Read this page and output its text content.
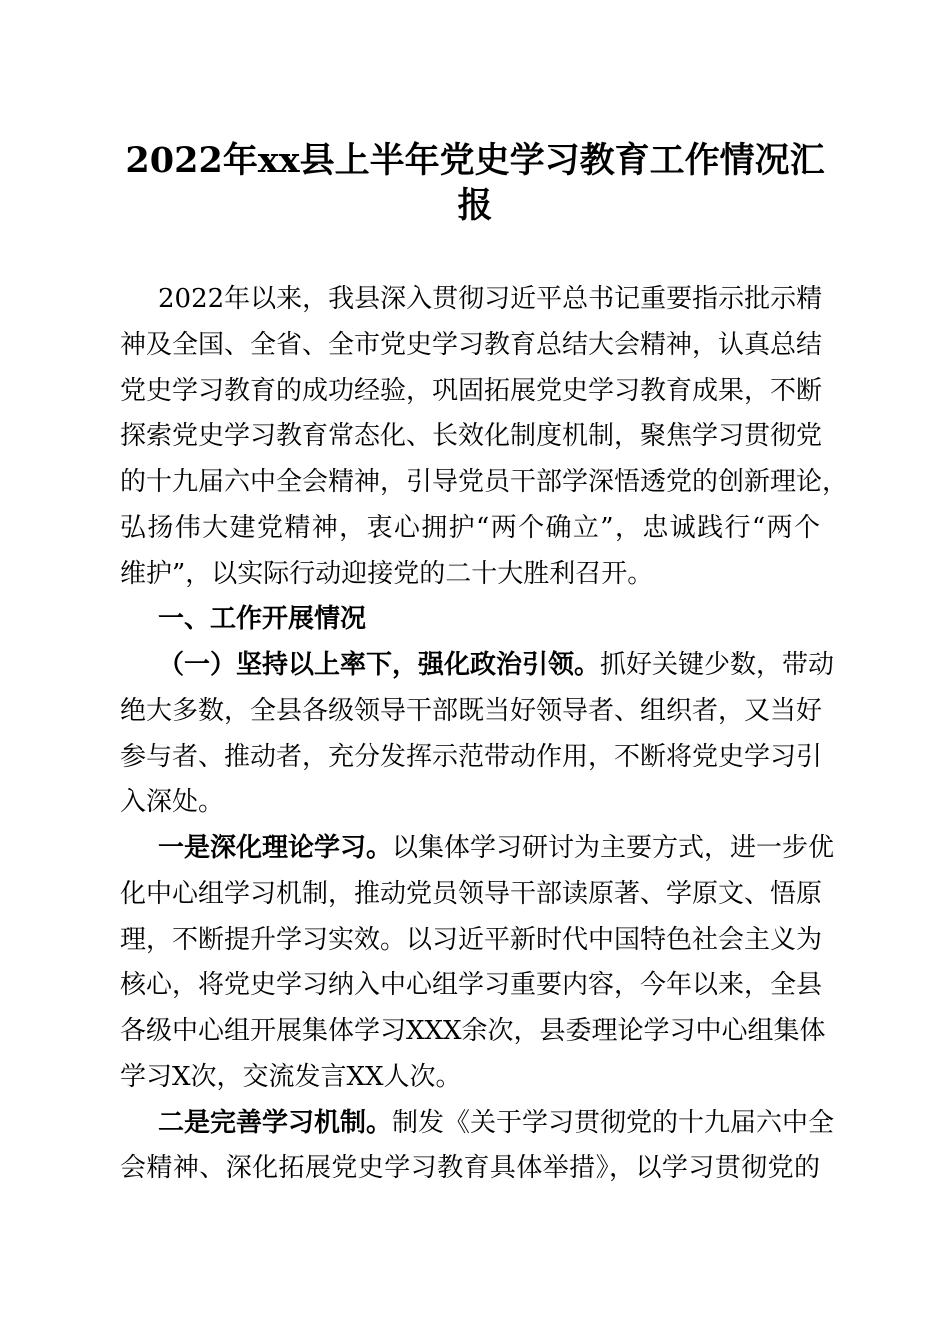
2022年xx县上半年党史学习教育工作情况汇
报
2022年以来，我县深入贯彻习近平总书记重要指示批示精
神及全国、全省、全市党史学习教育总结大会精神，认真总结
党史学习教育的成功经验，巩固拓展党史学习教育成果，不断
探索党史学习教育常态化、长效化制度机制，聚焦学习贯彻党
的十九届六中全会精神，引导党员干部学深悟透党的创新理论，
弘扬伟大建党精神，衷心拥护“两个确立”，忠诚践行“两个
维护”，以实际行动迎接党的二十大胜利召开。
一、工作开展情况
（一）坚持以上率下，强化政治引领。抓好关键少数，带动
绝大多数，全县各级领导干部既当好领导者、组织者，又当好
参与者、推动者，充分发挥示范带动作用，不断将党史学习引
入深处。
一是深化理论学习。以集体学习研讨为主要方式，进一步优
化中心组学习机制，推动党员领导干部读原著、学原文、悟原
理，不断提升学习实效。以习近平新时代中国特色社会主义为
核心，将党史学习纳入中心组学习重要内容，今年以来，全县
各级中心组开展集体学习XXX余次，县委理论学习中心组集体
学习X次，交流发言XX人次。
二是完善学习机制。制发《关于学习贯彻党的十九届六中全
会精神、深化拓展党史学习教育具体举措》，以学习贯彻党的
